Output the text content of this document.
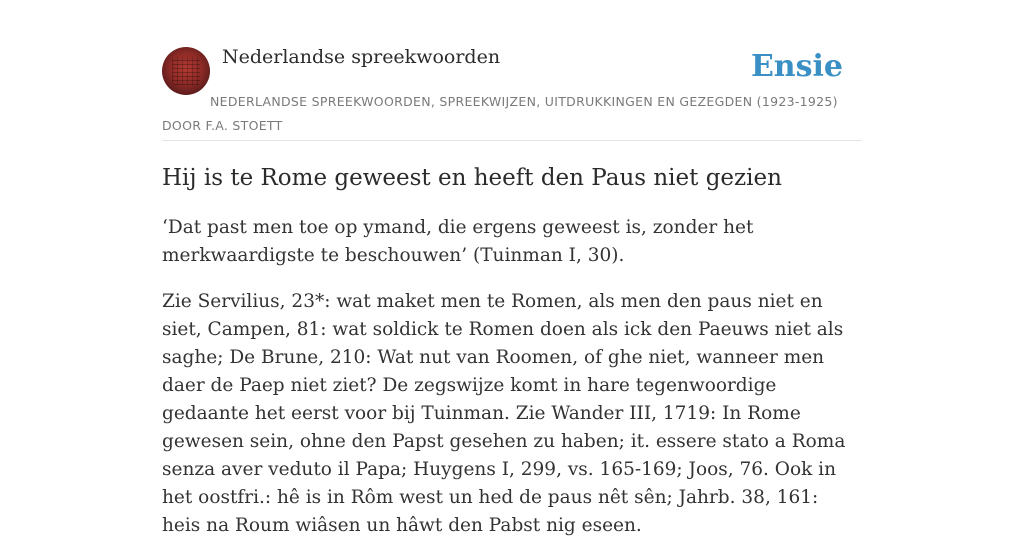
Nederlandse spreekwoorden	Ensie
NEDERLANDSE SPREEKWOORDEN, SPREEKWIJZEN, UITDRUKKINGEN EN GEZEGDEN (1923-1925)
DOOR F.A. STOETT
Hij is te Rome geweest en heeft den Paus niet gezien

‘Dat past men toe op ymand, die ergens geweest is, zonder het merkwaardigste te beschouwen’ (Tuinman I, 30).

Zie Servilius, 23*: wat maket men te Romen, als men den paus niet en siet, Campen, 81: wat soldick te Romen doen als ick den Paeuws niet als saghe; De Brune, 210: Wat nut van Roomen, of ghe niet, wanneer men daer de Paep niet ziet? De zegswijze komt in hare tegenwoordige gedaante het eerst voor bij Tuinman. Zie Wander III, 1719: In Rome gewesen sein, ohne den Papst gesehen zu haben; it. essere stato a Roma senza aver veduto il Papa; Huygens I, 299, vs. 165-169; Joos, 76. Ook in het oostfri.: hê is in Rôm west un hed de paus nêt sên; Jahrb. 38, 161: heis na Roum wiâsen un hâwt den Pabst nig eseen.
